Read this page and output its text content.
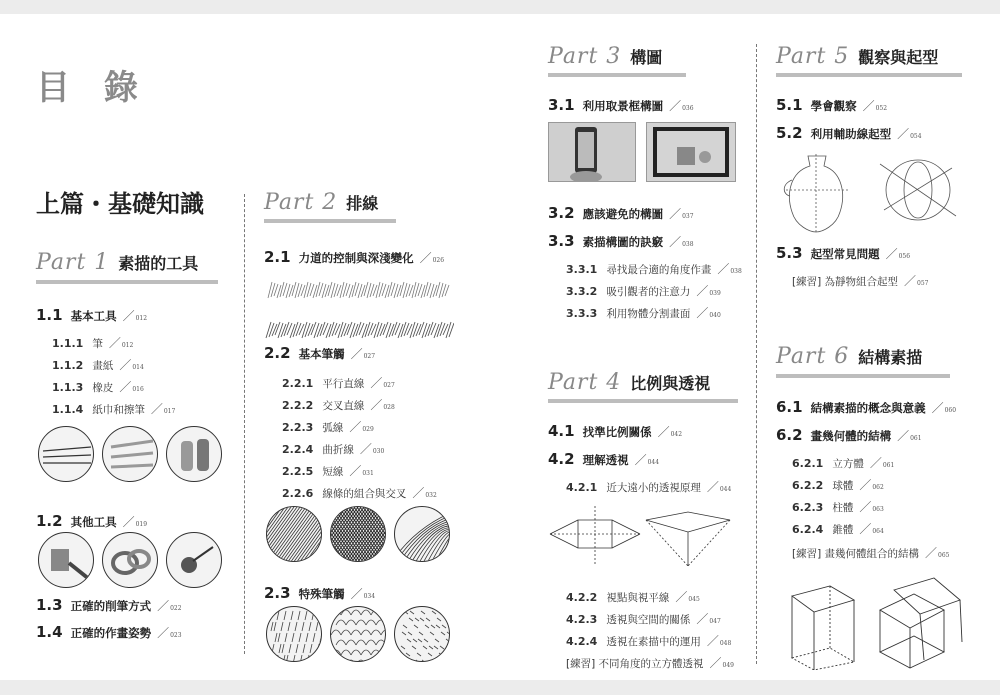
目 錄
上篇・基礎知識
Part 1 素描的工具
1.1 基本工具 ／012
1.1.1 筆 ／012
1.1.2 畫紙 ／014
1.1.3 橡皮 ／016
1.1.4 紙巾和擦筆 ／017
1.2 其他工具 ／019
1.3 正確的削筆方式 ／022
1.4 正確的作畫姿勢 ／023
Part 2 排線
2.1 力道的控制與深淺變化 ／026
2.2 基本筆觸 ／027
2.2.1 平行直線 ／027
2.2.2 交叉直線 ／028
2.2.3 弧線 ／029
2.2.4 曲折線 ／030
2.2.5 短線 ／031
2.2.6 線條的組合與交叉 ／032
2.3 特殊筆觸 ／034
Part 3 構圖
3.1 利用取景框構圖 ／036
3.2 應該避免的構圖 ／037
3.3 素描構圖的訣竅 ／038
3.3.1 尋找最合適的角度作畫 ／038
3.3.2 吸引觀者的注意力 ／039
3.3.3 利用物體分割畫面 ／040
Part 4 比例與透視
4.1 找準比例關係 ／042
4.2 理解透視 ／044
4.2.1 近大遠小的透視原理 ／044
4.2.2 視點與視平線 ／045
4.2.3 透視與空間的關係 ／047
4.2.4 透視在素描中的運用 ／048
[練習] 不同角度的立方體透視 ／049
Part 5 觀察與起型
5.1 學會觀察 ／052
5.2 利用輔助線起型 ／054
5.3 起型常見問題 ／056
[練習] 為靜物組合起型 ／057
Part 6 結構素描
6.1 結構素描的概念與意義 ／060
6.2 畫幾何體的結構 ／061
6.2.1 立方體 ／061
6.2.2 球體 ／062
6.2.3 柱體 ／063
6.2.4 錐體 ／064
[練習] 畫幾何體組合的結構 ／065
